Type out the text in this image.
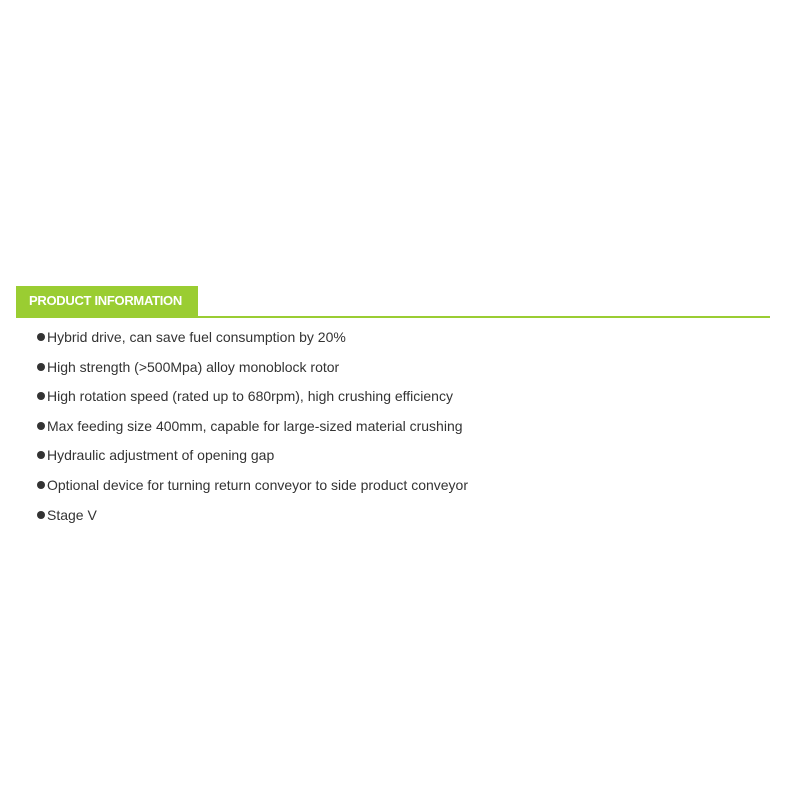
PRODUCT INFORMATION
Hybrid drive, can save fuel consumption by 20%
High strength (>500Mpa) alloy monoblock rotor
High rotation speed (rated up to 680rpm), high crushing efficiency
Max feeding size 400mm, capable for large-sized material crushing
Hydraulic adjustment of opening gap
Optional device for turning return conveyor to side product conveyor
Stage V
